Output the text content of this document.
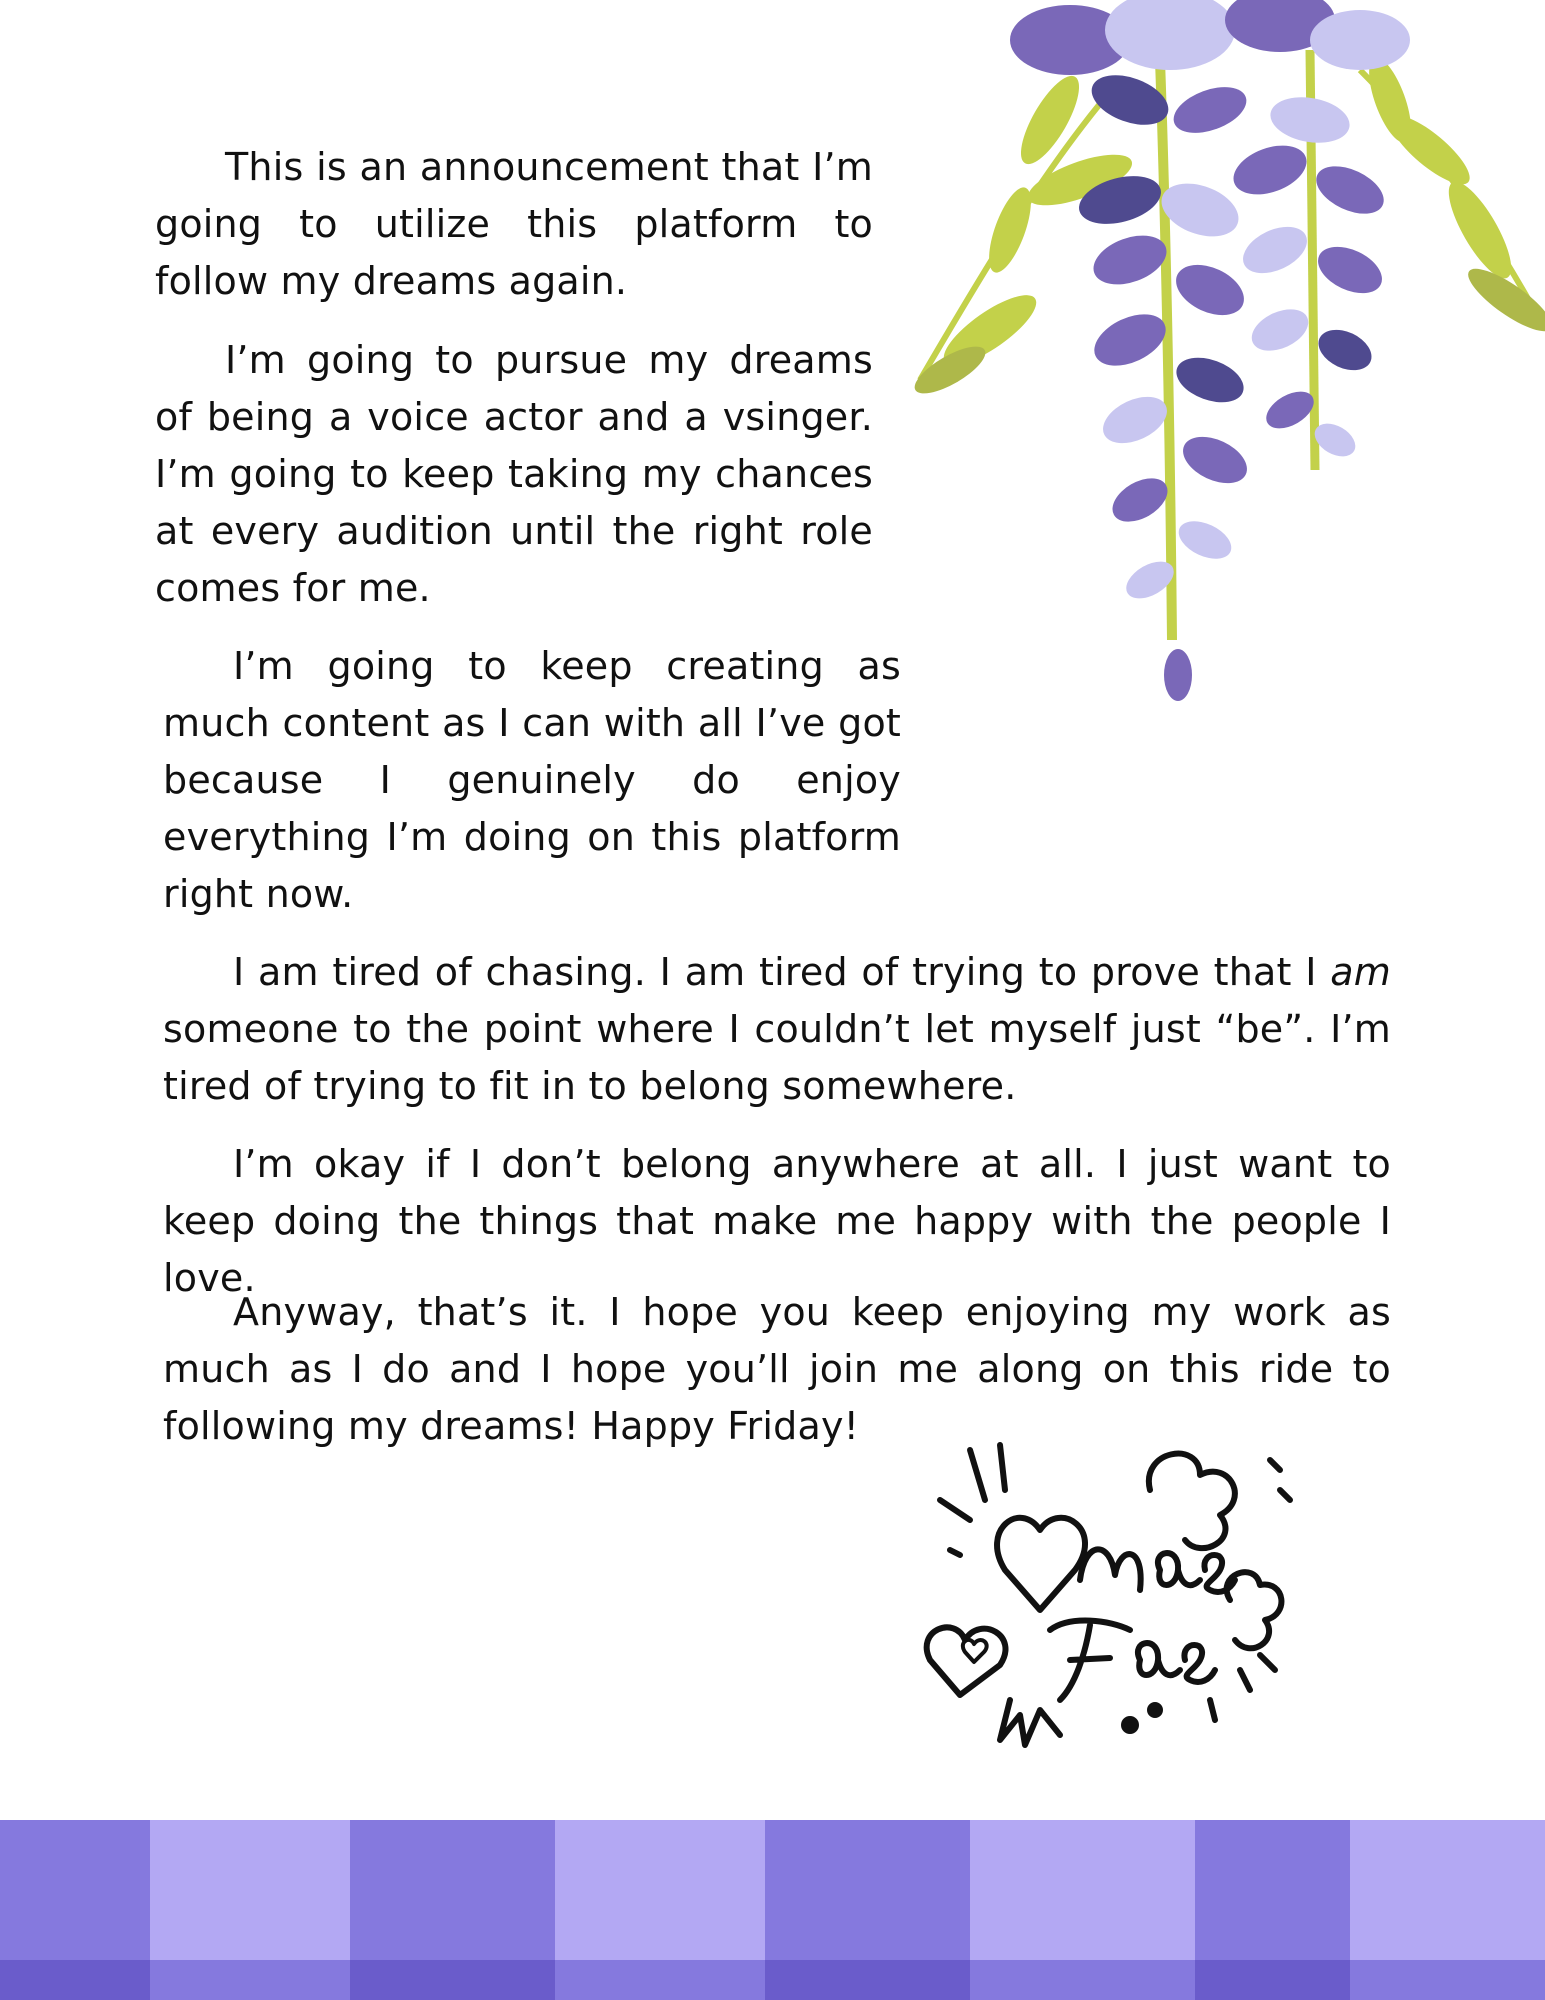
This is an announcement that I’m going to utilize this platform to follow my dreams again.

I’m going to pursue my dreams of being a voice actor and a vsinger. I’m going to keep taking my chances at every audition until the right role comes for me.

I’m going to keep creating as much content as I can with all I’ve got because I genuinely do enjoy everything I’m doing on this platform right now.

I am tired of chasing. I am tired of trying to prove that I am someone to the point where I couldn’t let myself just “be”. I’m tired of trying to fit in to belong somewhere.

I’m okay if I don’t belong anywhere at all. I just want to keep doing the things that make me happy with the people I love.

Anyway, that’s it. I hope you keep enjoying my work as much as I do and I hope you’ll join me along on this ride to following my dreams! Happy Friday!
